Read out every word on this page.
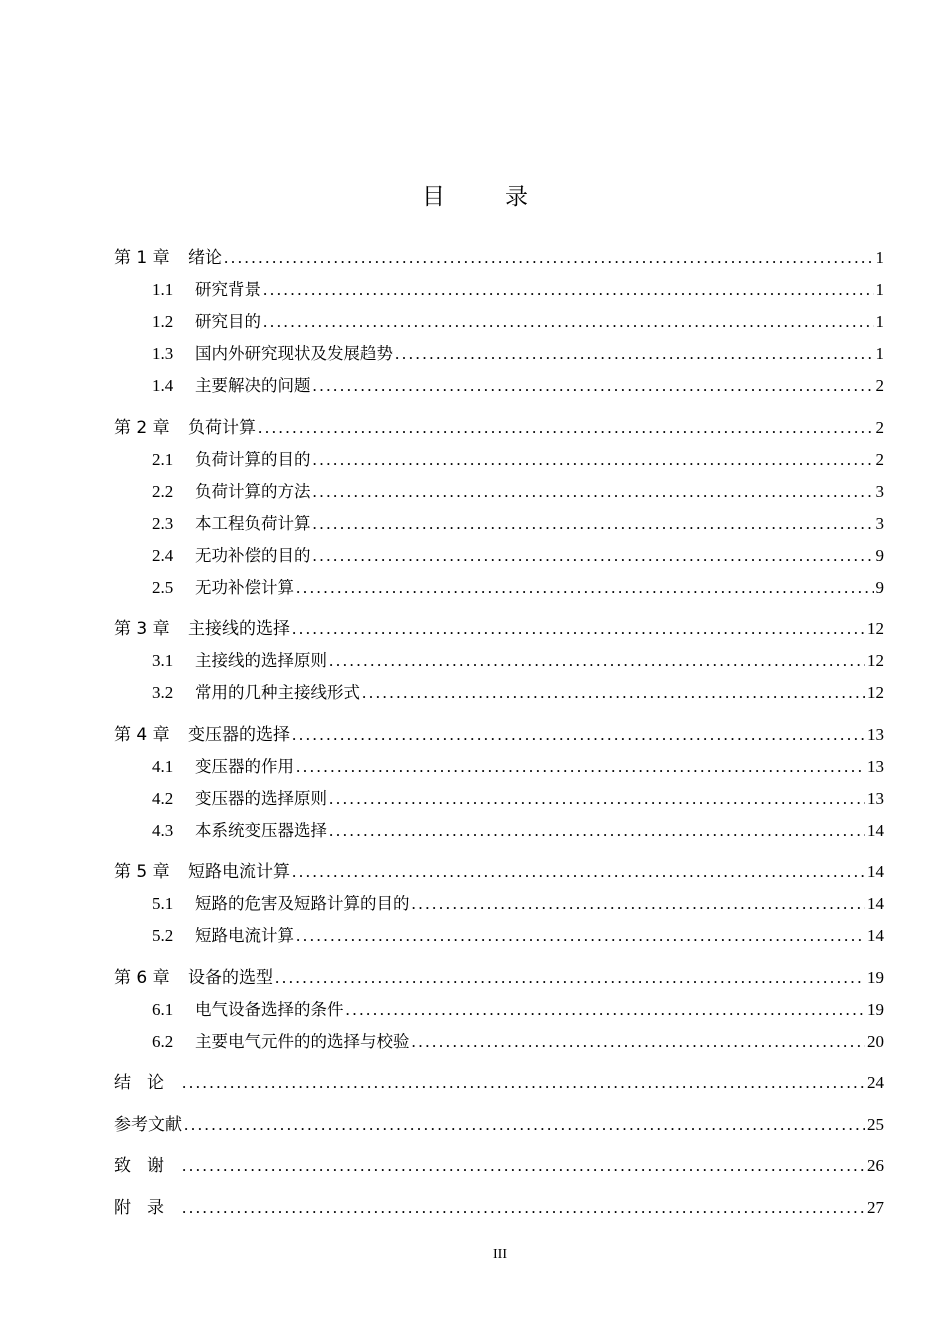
目	录
第 1 章	绪论 .....	1
1.1	研究背景 .....	1
1.2	研究目的 .....	1
1.3	国内外研究现状及发展趋势 .....	1
1.4	主要解决的问题 .....	2
第 2 章	负荷计算 .....	2
2.1	负荷计算的目的 .....	2
2.2	负荷计算的方法 .....	3
2.3	本工程负荷计算 .....	3
2.4	无功补偿的目的 .....	9
2.5	无功补偿计算 .....	9
第 3 章	主接线的选择 .....	12
3.1	主接线的选择原则 .....	12
3.2	常用的几种主接线形式 .....	12
第 4 章	变压器的选择 .....	13
4.1	变压器的作用 .....	13
4.2	变压器的选择原则 .....	13
4.3	本系统变压器选择 .....	14
第 5 章	短路电流计算 .....	14
5.1	短路的危害及短路计算的目的 .....	14
5.2	短路电流计算 .....	14
第 6 章	设备的选型 .....	19
6.1	电气设备选择的条件 .....	19
6.2	主要电气元件的的选择与校验 .....	20
结论 .....	24
参考文献 .....	25
致谢 .....	26
附录 .....	27
III
